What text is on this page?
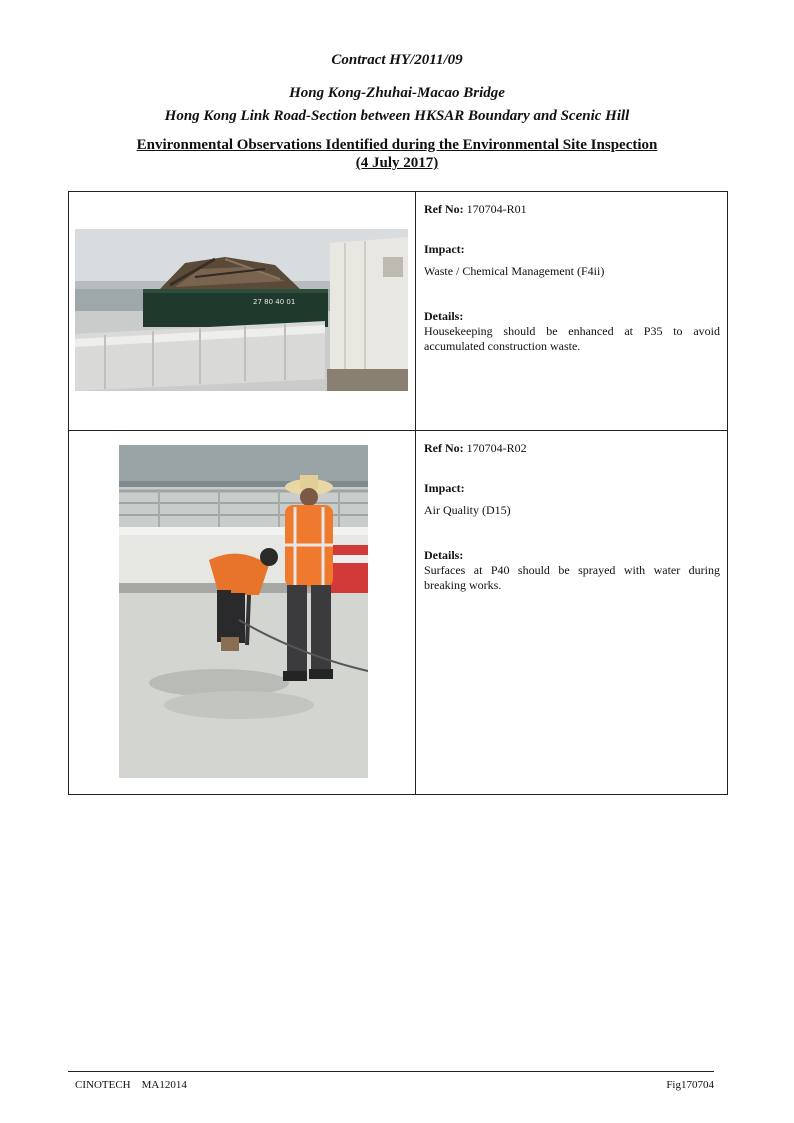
Contract HY/2011/09
Hong Kong-Zhuhai-Macao Bridge
Hong Kong Link Road-Section between HKSAR Boundary and Scenic Hill
Environmental Observations Identified during the Environmental Site Inspection
(4 July 2017)
27 80 40 01	Ref No: 170704-R01
Impact:
Waste / Chemical Management (F4ii)
Details:
Housekeeping should be enhanced at P35 to avoid accumulated construction waste.

Ref No: 170704-R02
Impact:
Air Quality (D15)
Details:
Surfaces at P40 should be sprayed with water during breaking works.
CINOTECH    MA12014	Fig170704
